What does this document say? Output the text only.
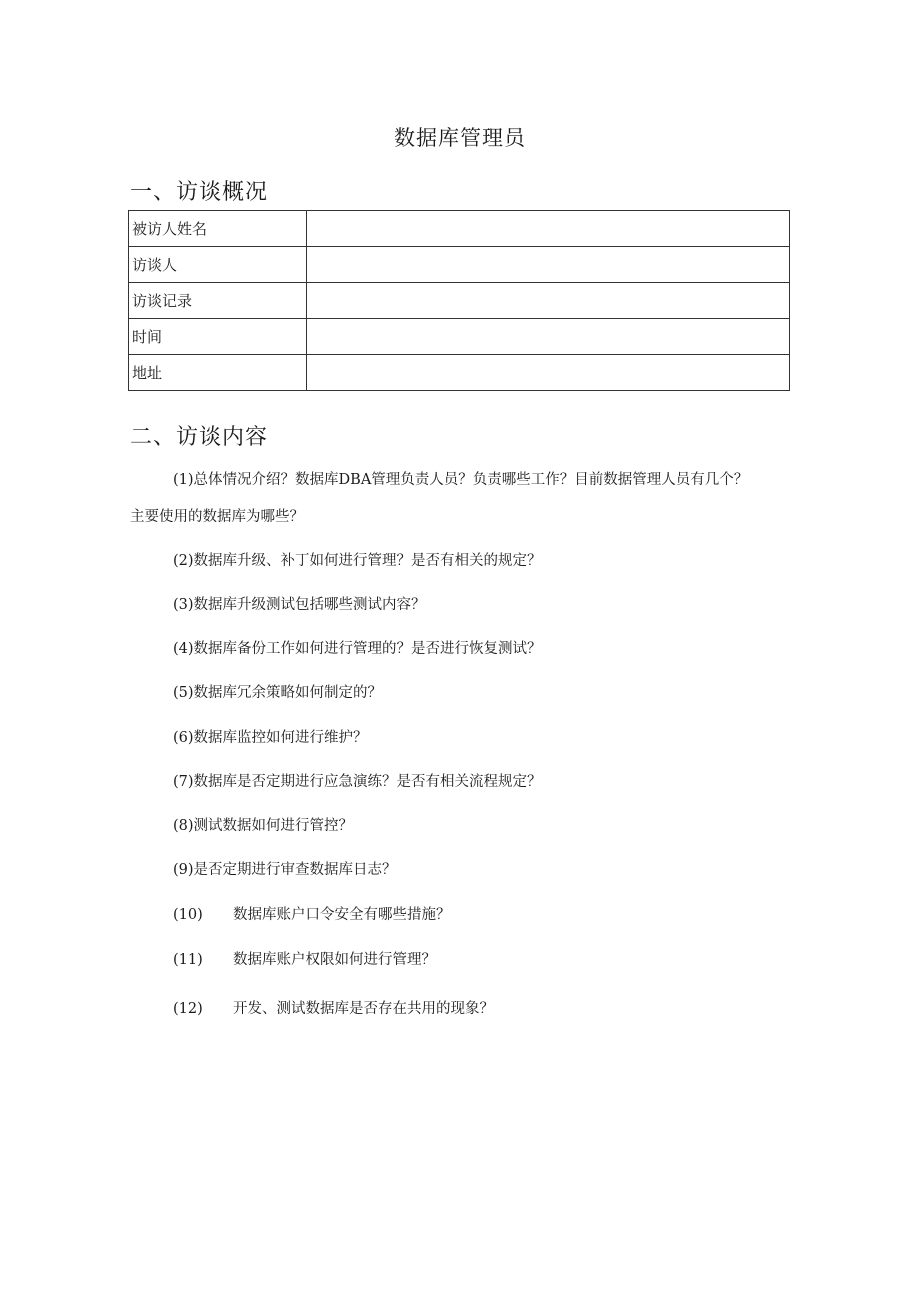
数据库管理员
一、访谈概况
被访人姓名	
访谈人	
访谈记录	
时间	
地址	
二、访谈内容
(1)总体情况介绍？数据库DBA管理负责人员？负责哪些工作？目前数据管理人员有几个？
主要使用的数据库为哪些？
(2)数据库升级、补丁如何进行管理？是否有相关的规定？
(3)数据库升级测试包括哪些测试内容？
(4)数据库备份工作如何进行管理的？是否进行恢复测试？
(5)数据库冗余策略如何制定的？
(6)数据库监控如何进行维护？
(7)数据库是否定期进行应急演练？是否有相关流程规定？
(8)测试数据如何进行管控？
(9)是否定期进行审查数据库日志？
(10) 数据库账户口令安全有哪些措施？
(11) 数据库账户权限如何进行管理？
(12) 开发、测试数据库是否存在共用的现象？
